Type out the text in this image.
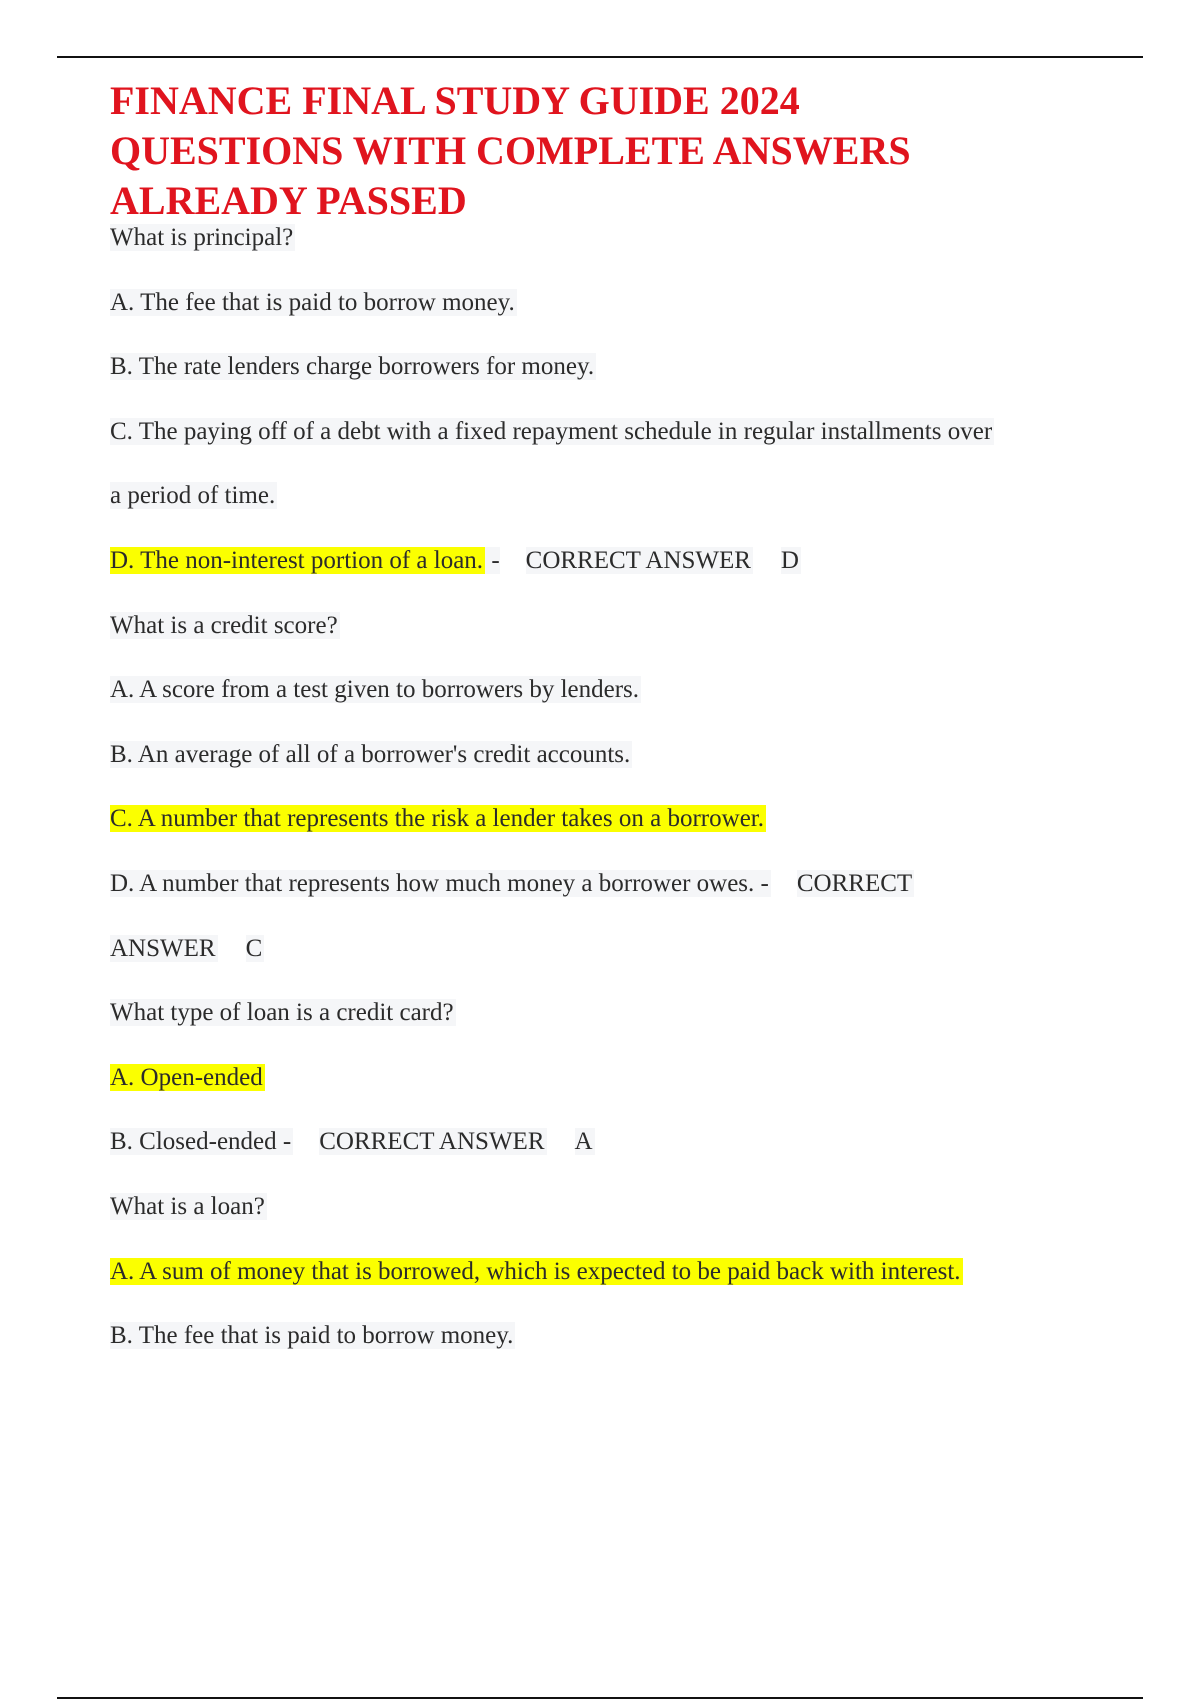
FINANCE FINAL STUDY GUIDE 2024
QUESTIONS WITH COMPLETE ANSWERS
ALREADY PASSED
What is principal?
A. The fee that is paid to borrow money.
B. The rate lenders charge borrowers for money.
C. The paying off of a debt with a fixed repayment schedule in regular installments over
a period of time.
D. The non-interest portion of a loan. - CORRECT ANSWER D
What is a credit score?
A. A score from a test given to borrowers by lenders.
B. An average of all of a borrower's credit accounts.
C. A number that represents the risk a lender takes on a borrower.
D. A number that represents how much money a borrower owes. - CORRECT
ANSWER C
What type of loan is a credit card?
A. Open-ended
B. Closed-ended - CORRECT ANSWER A
What is a loan?
A. A sum of money that is borrowed, which is expected to be paid back with interest.
B. The fee that is paid to borrow money.
